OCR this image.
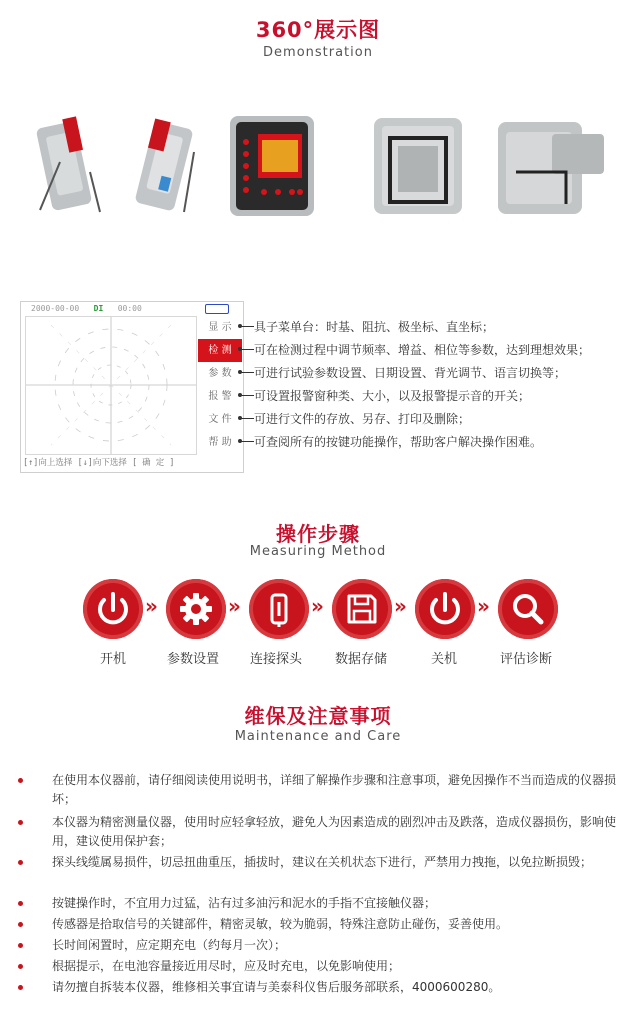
360°展示图
Demonstration
2000-00-00 DI 00:00
显 示
检 测
参 数
报 警
文 件
帮 助
[↑]向上选择 [↓]向下选择 [ 确 定 ]
具子菜单台：时基、阻抗、极坐标、直坐标；
可在检测过程中调节频率、增益、相位等参数，达到理想效果；
可进行试验参数设置、日期设置、背光调节、语言切换等；
可设置报警窗种类、大小，以及报警提示音的开关；
可进行文件的存放、另存、打印及删除；
可查阅所有的按键功能操作，帮助客户解决操作困难。
操作步骤
Measuring Method
»	»	»	»	»
开机	参数设置	连接探头	数据存储	关机	评估诊断
维保及注意事项
Maintenance and Care
在使用本仪器前，请仔细阅读使用说明书，详细了解操作步骤和注意事项，避免因操作不当而造成的仪器损坏；
本仪器为精密测量仪器，使用时应轻拿轻放，避免人为因素造成的剧烈冲击及跌落，造成仪器损伤，影响使用，建议使用保护套；
探头线缆属易损件，切忌扭曲重压，插拔时，建议在关机状态下进行，严禁用力拽拖，以免拉断损毁；
按键操作时，不宜用力过猛，沾有过多油污和泥水的手指不宜接触仪器；
传感器是拾取信号的关键部件，精密灵敏，较为脆弱，特殊注意防止碰伤，妥善使用。
长时间闲置时，应定期充电（约每月一次）；
根据提示，在电池容量接近用尽时，应及时充电，以免影响使用；
请勿擅自拆装本仪器，维修相关事宜请与美泰科仪售后服务部联系，4000600280。
